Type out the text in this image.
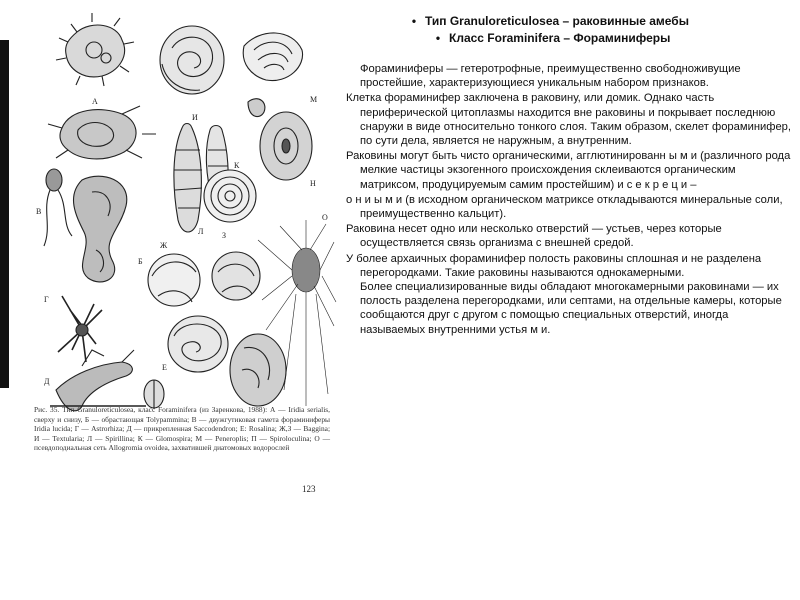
А
Б
В
Г
Д
Е
Ж
З
И
К
Л
М
Н
О
Рис. 35. Тип Granuloreticulosea, класс Foraminifera (из Заренкова, 1988): А — Iridia serialis, сверху и снизу, Б — обрастающая Tolypammina; В — двужгутиковая гамета фораминиферы Iridia lucida; Г — Astrorhiza; Д — прикрепленная Saccodendron; Е: Rosalina; Ж,З — Baggina; И — Textularia; Л — Spirillina; К — Glomospira; М — Peneroplis; П — Spiroloculina; О — псевдоподиальная сеть Allogromia ovoidea, захватившей диатомовых водорослей
123
• Тип Granuloreticulosea – раковинные амебы
• Класс Foraminifera – Фораминиферы

Фораминиферы — гетеротрофные, преимущественно свободноживущие простейшие, характеризующиеся уникальным набором признаков.

Клетка фораминифер заключена в раковину, или домик. Однако часть периферической цитоплазмы находится вне раковины и покрывает последнюю снаружи в виде относительно тонкого слоя. Таким образом, скелет фораминифер, по сути дела, является не наружным, а внутренним.

Раковины могут быть чисто органическими, агглютинированн ы м и (различного рода мелкие частицы экзогенного происхождения склеиваются органическим матриксом, продуцируемым самим простейшим) и с е к р е ц и –

о н и ы м и (в исходном органическом матриксе откладываются минеральные соли, преимущественно кальцит).

Раковина несет одно или несколько отверстий — устьев, через которые осуществляется связь организма с внешней средой.

У более архаичных фораминифер полость раковины сплошная и не разделена перегородками. Такие раковины называются однокамерными.
Более специализированные виды обладают многокамерными раковинами — их полость разделена перегородками, или септами, на отдельные камеры, которые сообщаются друг с другом с помощью специальных отверстий, иногда называемых внутренними устья м и.
